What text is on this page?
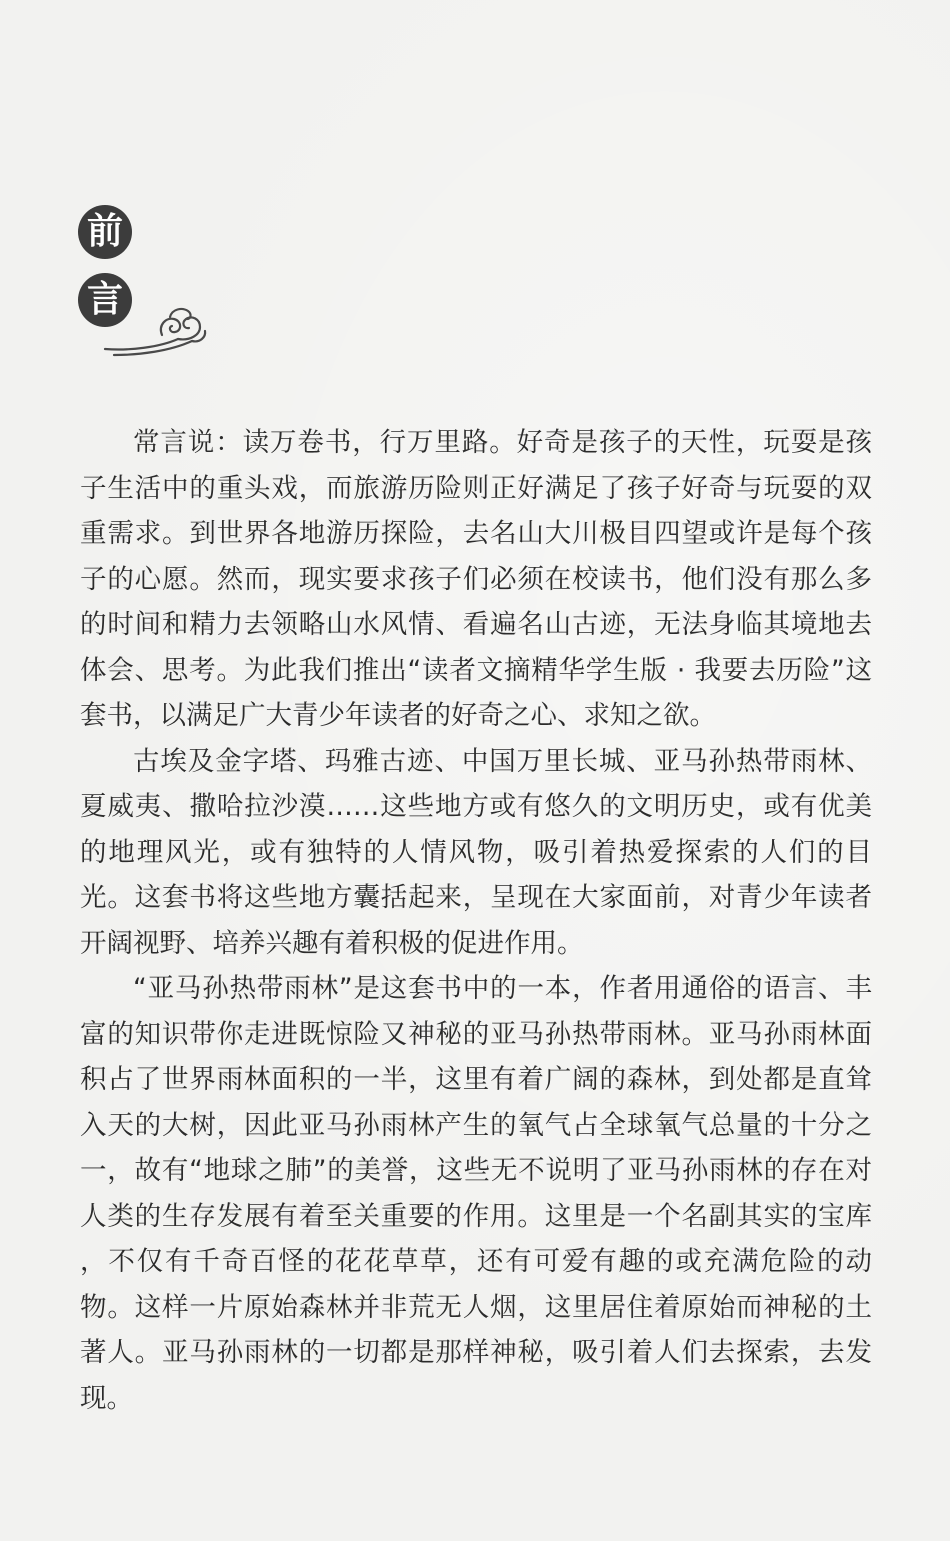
前
言

常言说：读万卷书，行万里路。好奇是孩子的天性，玩耍是孩子生活中的重头戏，而旅游历险则正好满足了孩子好奇与玩耍的双重需求。到世界各地游历探险，去名山大川极目四望或许是每个孩子的心愿。然而，现实要求孩子们必须在校读书，他们没有那么多的时间和精力去领略山水风情、看遍名山古迹，无法身临其境地去体会、思考。为此我们推出“读者文摘精华学生版 · 我要去历险”这套书，以满足广大青少年读者的好奇之心、求知之欲。

古埃及金字塔、玛雅古迹、中国万里长城、亚马孙热带雨林、夏威夷、撒哈拉沙漠……这些地方或有悠久的文明历史，或有优美的地理风光，或有独特的人情风物，吸引着热爱探索的人们的目光。这套书将这些地方囊括起来，呈现在大家面前，对青少年读者开阔视野、培养兴趣有着积极的促进作用。

“亚马孙热带雨林”是这套书中的一本，作者用通俗的语言、丰富的知识带你走进既惊险又神秘的亚马孙热带雨林。亚马孙雨林面积占了世界雨林面积的一半，这里有着广阔的森林，到处都是直耸入天的大树，因此亚马孙雨林产生的氧气占全球氧气总量的十分之一，故有“地球之肺”的美誉，这些无不说明了亚马孙雨林的存在对人类的生存发展有着至关重要的作用。这里是一个名副其实的宝库 ，不仅有千奇百怪的花花草草，还有可爱有趣的或充满危险的动物。这样一片原始森林并非荒无人烟，这里居住着原始而神秘的土著人。亚马孙雨林的一切都是那样神秘，吸引着人们去探索，去发现。
